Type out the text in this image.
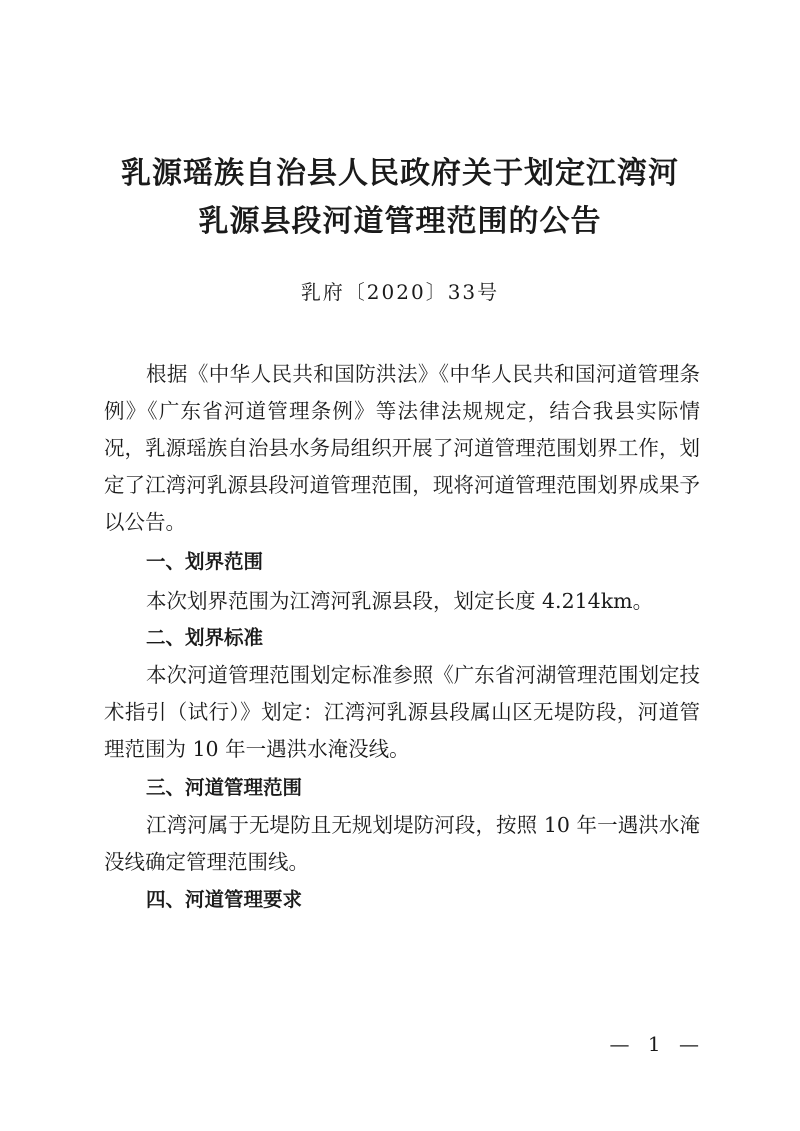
乳源瑶族自治县人民政府关于划定江湾河
乳源县段河道管理范围的公告
乳府〔2020〕33号

根据《中华人民共和国防洪法》《中华人民共和国河道管理条例》《广东省河道管理条例》等法律法规规定，结合我县实际情况，乳源瑶族自治县水务局组织开展了河道管理范围划界工作，划定了江湾河乳源县段河道管理范围，现将河道管理范围划界成果予以公告。

一、划界范围

本次划界范围为江湾河乳源县段，划定长度 4.214km。

二、划界标准

本次河道管理范围划定标准参照《广东省河湖管理范围划定技术指引（试行）》划定：江湾河乳源县段属山区无堤防段，河道管理范围为 10 年一遇洪水淹没线。

三、河道管理范围

江湾河属于无堤防且无规划堤防河段，按照 10 年一遇洪水淹没线确定管理范围线。

四、河道管理要求
— 1 —
